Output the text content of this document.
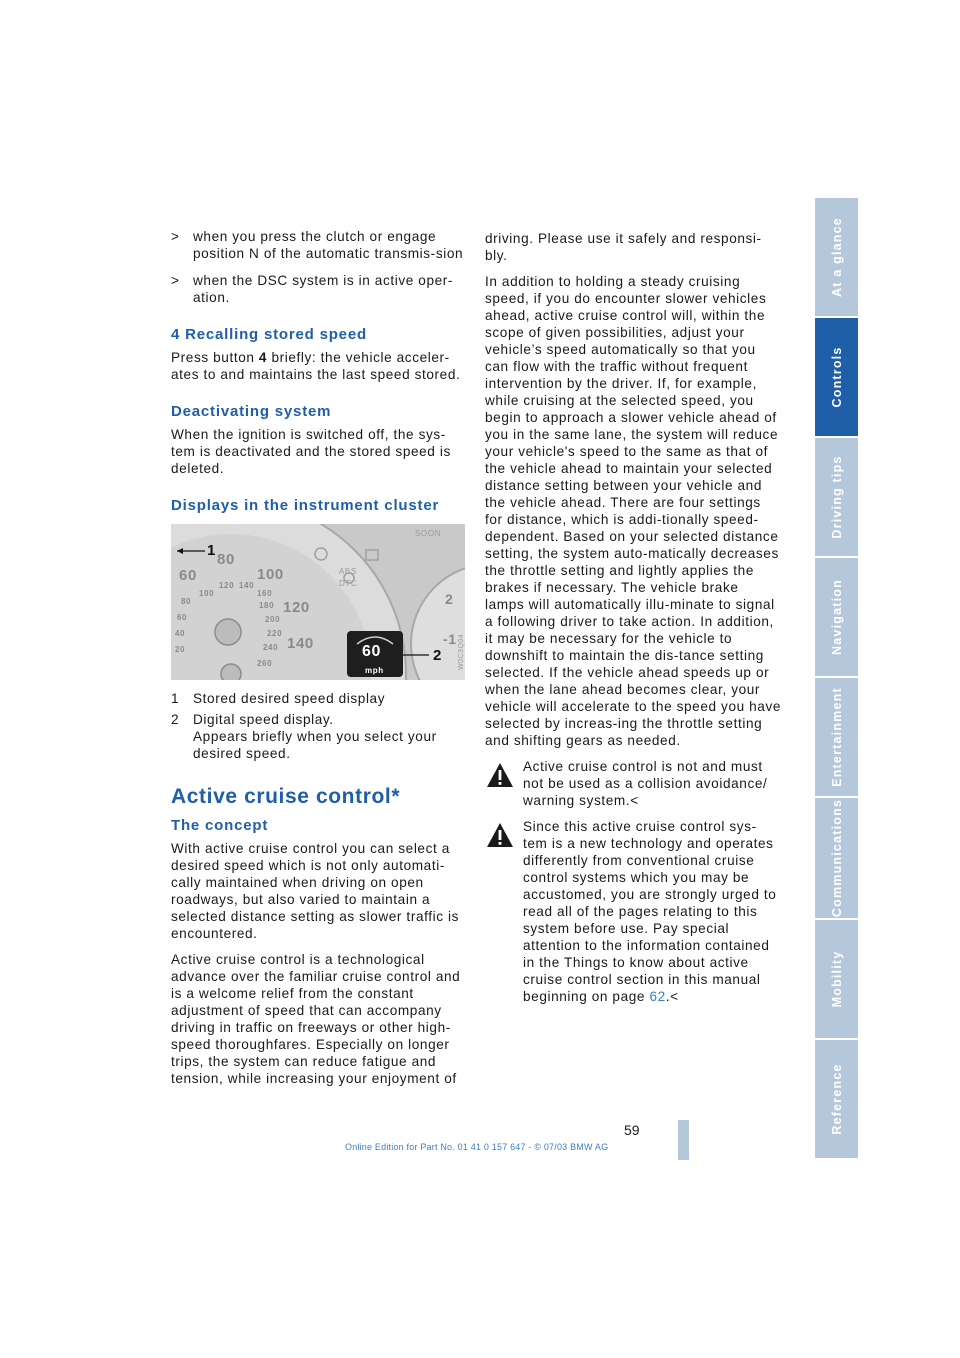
> when you press the clutch or engage position N of the automatic transmis-sion
> when the DSC system is in active oper-ation.
4 Recalling stored speed

Press button 4 briefly: the vehicle acceler-ates to and maintains the last speed stored.

Deactivating system

When the ignition is switched off, the sys-tem is deactivated and the stored speed is deleted.

Displays in the instrument cluster
60
80
100
120
140
80
100
120 140
160
180
200
220
240
260
60
40
20
2
-1
ABS
DTC
SOON
1
2
60
mph
W0C3Q04
1	Stored desired speed display
2	Digital speed display.
Appears briefly when you select your desired speed.
Active cruise control*
The concept

With active cruise control you can select a desired speed which is not only automati-cally maintained when driving on open roadways, but also varied to maintain a selected distance setting as slower traffic is encountered.

Active cruise control is a technological advance over the familiar cruise control and is a welcome relief from the constant adjustment of speed that can accompany driving in traffic on freeways or other high-speed thoroughfares. Especially on longer trips, the system can reduce fatigue and tension, while increasing your enjoyment of

driving. Please use it safely and responsi-bly.

In addition to holding a steady cruising speed, if you do encounter slower vehicles ahead, active cruise control will, within the scope of given possibilities, adjust your vehicle’s speed automatically so that you can flow with the traffic without frequent intervention by the driver. If, for example, while cruising at the selected speed, you begin to approach a slower vehicle ahead of you in the same lane, the system will reduce your vehicle's speed to the same as that of the vehicle ahead to maintain your selected distance setting between your vehicle and the vehicle ahead. There are four settings for distance, which is addi-tionally speed-dependent. Based on your selected distance setting, the system auto-matically decreases the throttle setting and lightly applies the brakes if necessary. The vehicle brake lamps will automatically illu-minate to signal a following driver to take action. In addition, it may be necessary for the vehicle to downshift to maintain the dis-tance setting selected. If the vehicle ahead speeds up or when the lane ahead becomes clear, your vehicle will accelerate to the speed you have selected by increas-ing the throttle setting and shifting gears as needed.

Active cruise control is not and must not be used as a collision avoidance/ warning system.<
Since this active cruise control sys-tem is a new technology and operates differently from conventional cruise control systems which you may be accustomed, you are strongly urged to read all of the pages relating to this system before use. Pay special attention to the information contained in the Things to know about active cruise control section in this manual beginning on page 62.<
At a glance
Controls
Driving tips
Navigation
Entertainment
Communications
Mobility
Reference
59
Online Edition for Part No. 01 41 0 157 647 - © 07/03 BMW AG
